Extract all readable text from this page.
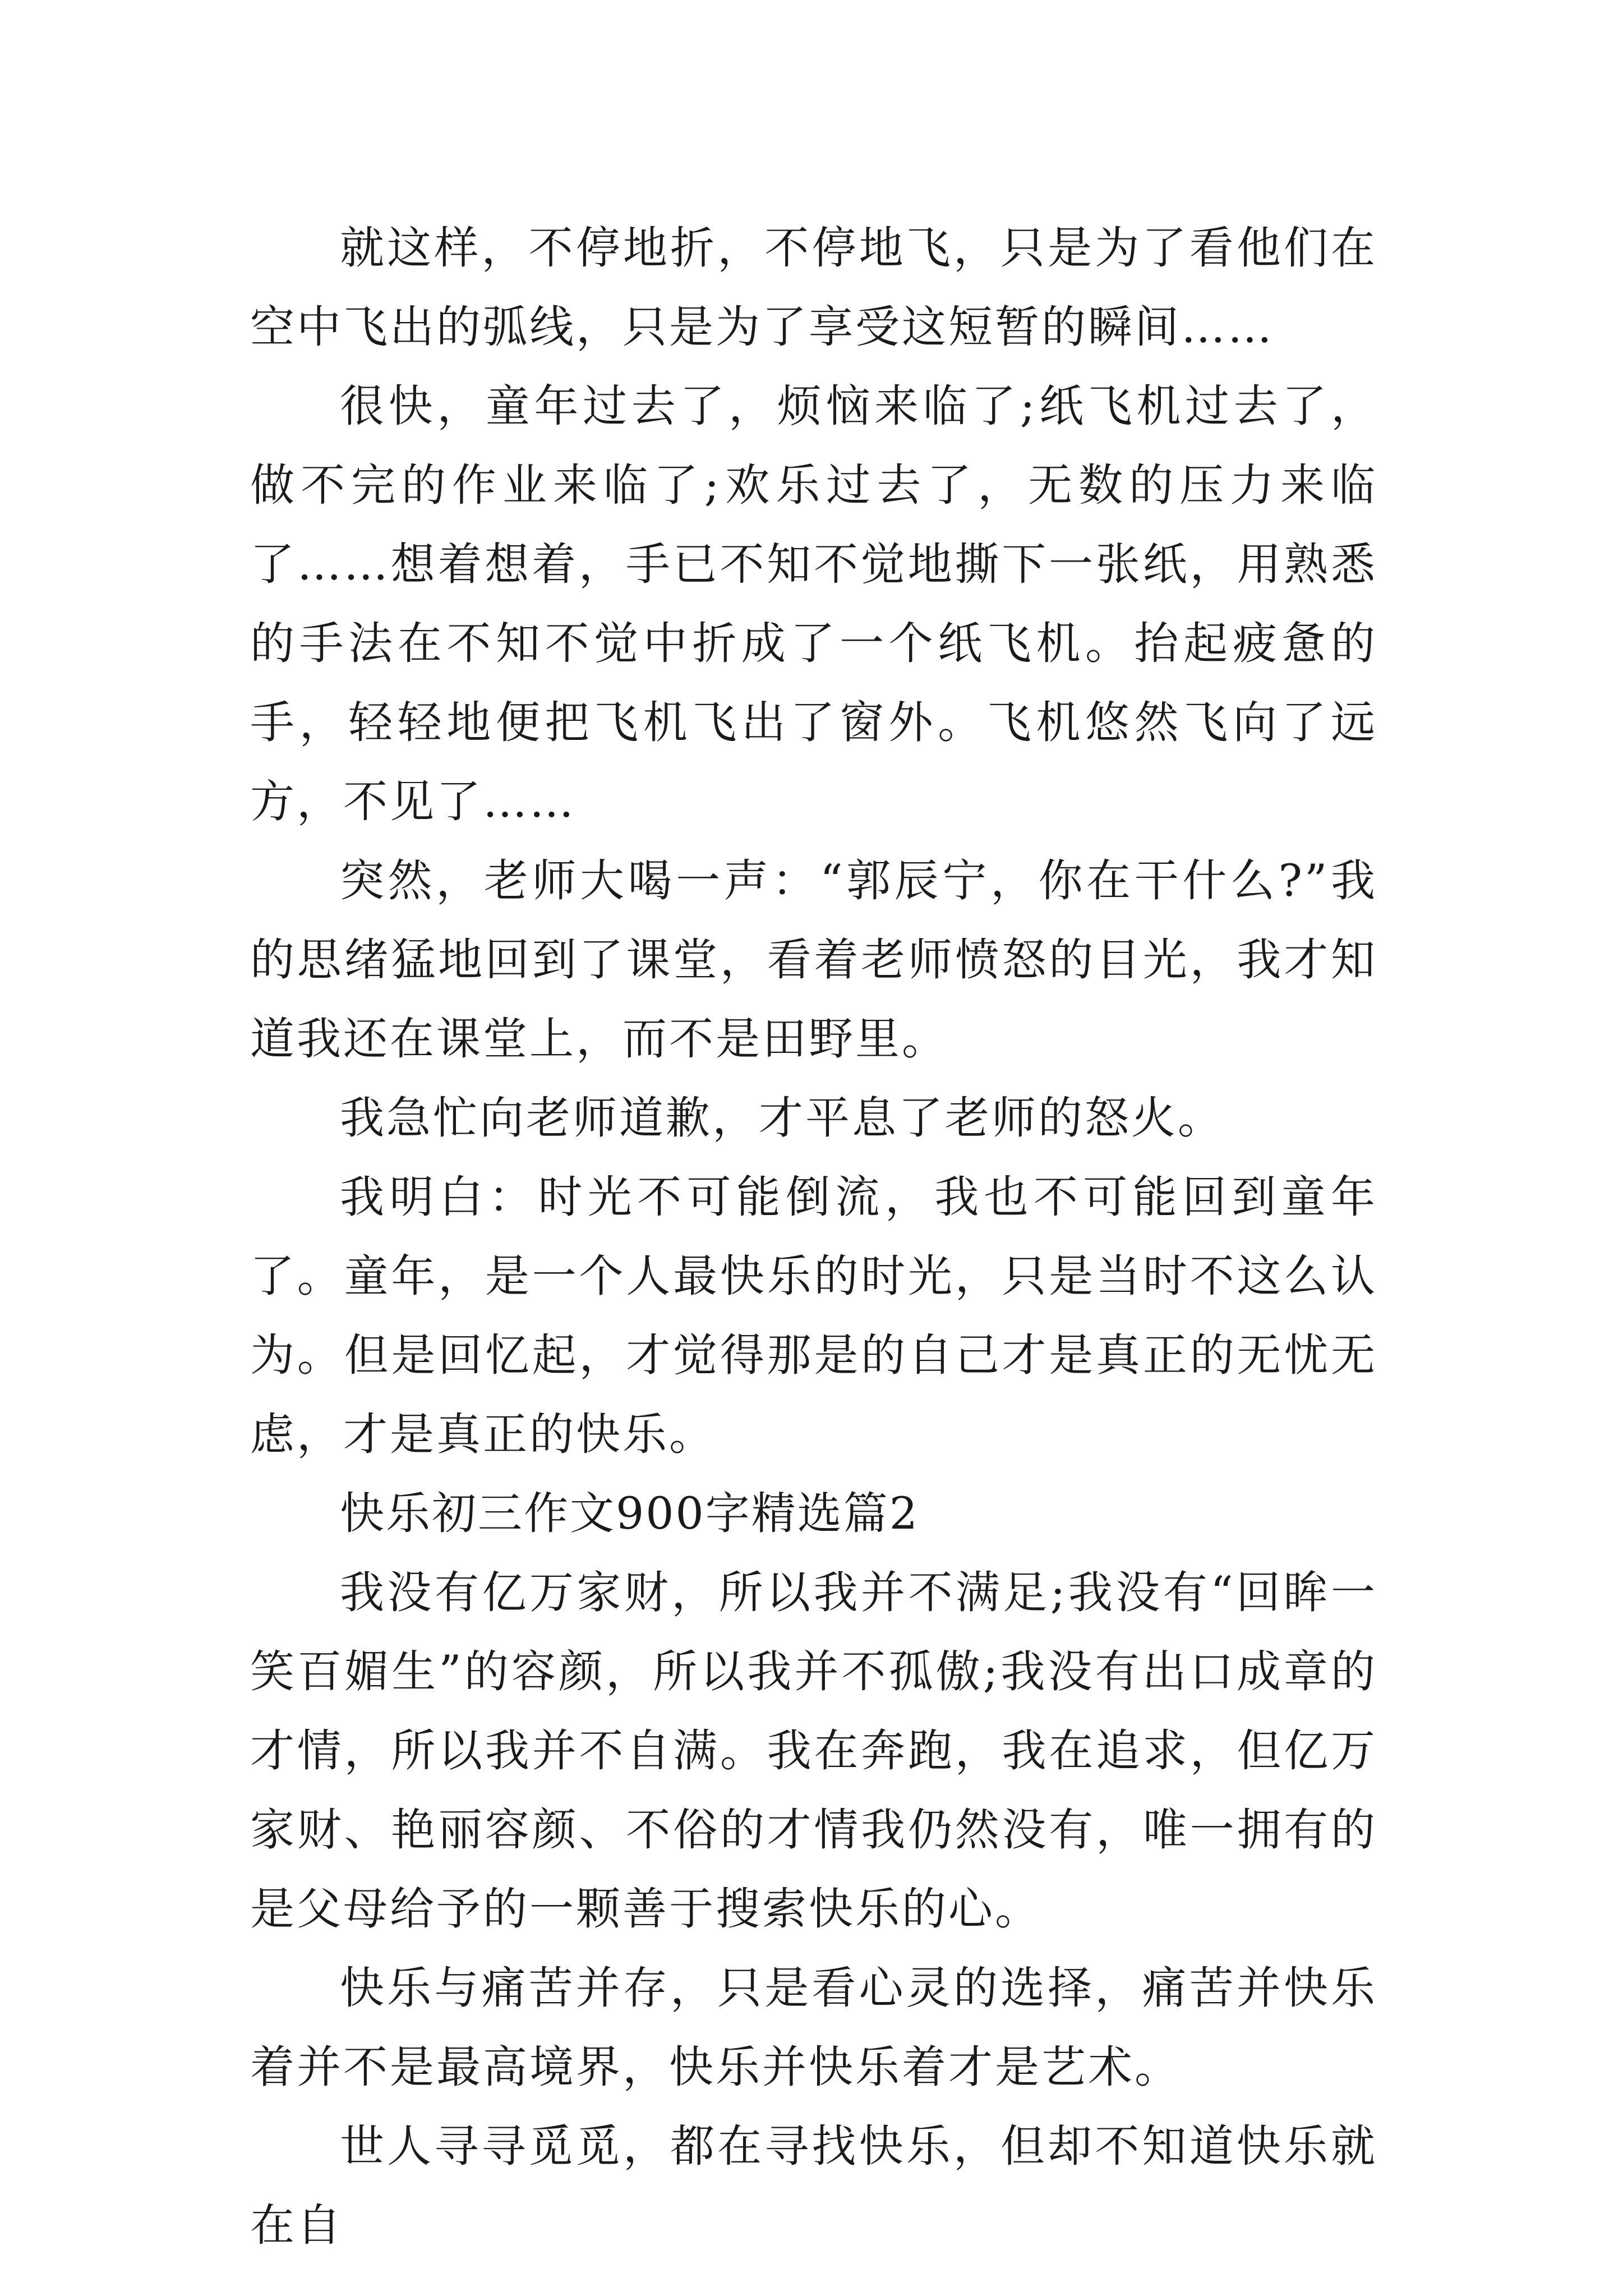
就这样，不停地折，不停地飞，只是为了看他们在空中飞出的弧线，只是为了享受这短暂的瞬间……

很快，童年过去了，烦恼来临了;纸飞机过去了，做不完的作业来临了;欢乐过去了，无数的压力来临了……想着想着，手已不知不觉地撕下一张纸，用熟悉的手法在不知不觉中折成了一个纸飞机。抬起疲惫的手，轻轻地便把飞机飞出了窗外。飞机悠然飞向了远方，不见了……

突然，老师大喝一声：“郭辰宁，你在干什么?”我的思绪猛地回到了课堂，看着老师愤怒的目光，我才知道我还在课堂上，而不是田野里。

我急忙向老师道歉，才平息了老师的怒火。

我明白：时光不可能倒流，我也不可能回到童年了。童年，是一个人最快乐的时光，只是当时不这么认为。但是回忆起，才觉得那是的自己才是真正的无忧无虑，才是真正的快乐。

快乐初三作文900字精选篇2

我没有亿万家财，所以我并不满足;我没有“回眸一笑百媚生”的容颜，所以我并不孤傲;我没有出口成章的才情，所以我并不自满。我在奔跑，我在追求，但亿万家财、艳丽容颜、不俗的才情我仍然没有，唯一拥有的是父母给予的一颗善于搜索快乐的心。

快乐与痛苦并存，只是看心灵的选择，痛苦并快乐着并不是最高境界，快乐并快乐着才是艺术。

世人寻寻觅觅，都在寻找快乐，但却不知道快乐就在自
